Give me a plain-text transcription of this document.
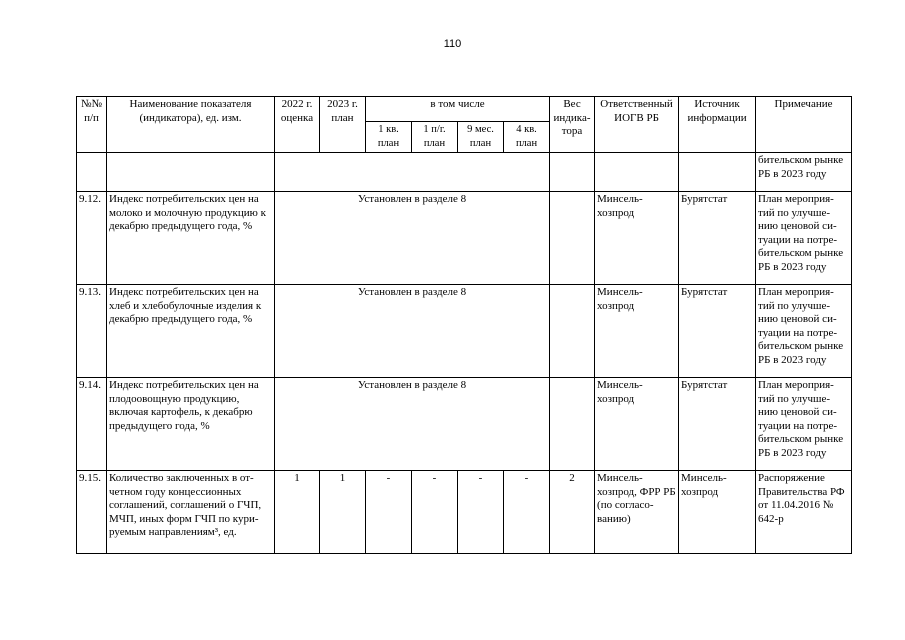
110
№№ п/п	Наименование показателя (индикатора), ед. изм.	2022 г. оценка	2023 г. план	в том числе				Вес индика-тора	Ответственный ИОГВ РБ	Источник информации	Примечание
				1 кв. план	1 п/г. план	9 мес. план	4 кв. план				
											бительском рынке РБ в 2023 году
9.12.	Индекс потребительских цен на молоко и молочную продукцию к декабрю предыдущего года, %	Установлен в разделе 8							Минсель-хозпрод	Бурятстат	План мероприя-тий по улучше-нию ценовой си-туации на потре-бительском рынке РБ в 2023 году
9.13.	Индекс потребительских цен на хлеб и хлебобулочные изделия к декабрю предыдущего года, %	Установлен в разделе 8							Минсель-хозпрод	Бурятстат	План мероприя-тий по улучше-нию ценовой си-туации на потре-бительском рынке РБ в 2023 году
9.14.	Индекс потребительских цен на плодоовощную продукцию, включая картофель, к декабрю предыдущего года, %	Установлен в разделе 8							Минсель-хозпрод	Бурятстат	План мероприя-тий по улучше-нию ценовой си-туации на потре-бительском рынке РБ в 2023 году
9.15.	Количество заключенных в от-четном году концессионных соглашений, соглашений о ГЧП, МЧП, иных форм ГЧП по кури-руемым направлениям³, ед.	1	1	-	-	-	-	2	Минсель-хозпрод, ФРР РБ (по согласо-ванию)	Минсель-хозпрод	Распоряжение Правительства РФ от 11.04.2016 № 642-р
